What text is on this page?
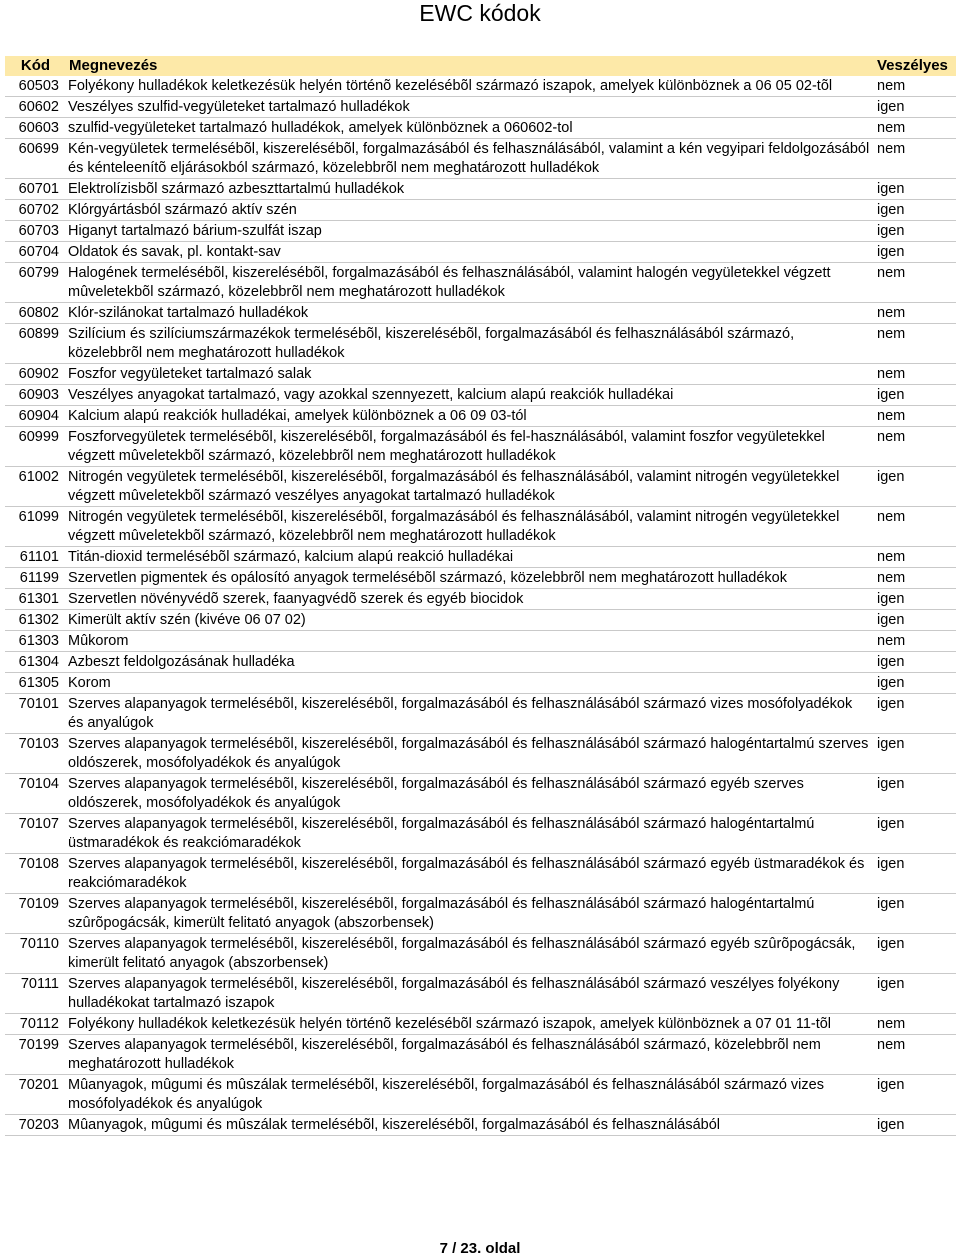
EWC kódok
Kód	Megnevezés	Veszélyes
60503	Folyékony hulladékok keletkezésük helyén történõ kezelésébõl származó iszapok, amelyek különböznek a 06 05 02-tõl	nem
60602	Veszélyes szulfid-vegyületeket tartalmazó hulladékok	igen
60603	szulfid-vegyületeket tartalmazó hulladékok, amelyek különböznek a 060602-tol	nem
60699	Kén-vegyületek termelésébõl, kiszerelésébõl, forgalmazásából és felhasználásából, valamint a kén vegyipari feldolgozásából és kénteleenítõ eljárásokból származó, közelebbrõl nem meghatározott hulladékok	nem
60701	Elektrolízisbõl származó azbeszttartalmú hulladékok	igen
60702	Klórgyártásból származó aktív szén	igen
60703	Higanyt tartalmazó bárium-szulfát iszap	igen
60704	Oldatok és savak, pl. kontakt-sav	igen
60799	Halogének termelésébõl, kiszerelésébõl, forgalmazásából és felhasználásából, valamint halogén vegyületekkel végzett mûveletekbõl származó, közelebbrõl nem meghatározott hulladékok	nem
60802	Klór-szilánokat tartalmazó hulladékok	nem
60899	Szilícium és szilíciumszármazékok termelésébõl, kiszerelésébõl, forgalmazásából és felhasználásából származó, közelebbrõl nem meghatározott hulladékok	nem
60902	Foszfor vegyületeket tartalmazó salak	nem
60903	Veszélyes anyagokat tartalmazó, vagy azokkal szennyezett, kalcium alapú reakciók hulladékai	igen
60904	Kalcium alapú reakciók hulladékai, amelyek különböznek a 06 09 03-tól	nem
60999	Foszforvegyületek termelésébõl, kiszerelésébõl, forgalmazásából és fel-használásából, valamint foszfor vegyületekkel végzett mûveletekbõl származó, közelebbrõl nem meghatározott hulladékok	nem
61002	Nitrogén vegyületek termelésébõl, kiszerelésébõl, forgalmazásából és felhasználásából, valamint nitrogén vegyületekkel végzett mûveletekbõl származó veszélyes anyagokat tartalmazó hulladékok	igen
61099	Nitrogén vegyületek termelésébõl, kiszerelésébõl, forgalmazásából és felhasználásából, valamint nitrogén vegyületekkel végzett mûveletekbõl származó, közelebbrõl nem meghatározott hulladékok	nem
61101	Titán-dioxid termelésébõl származó, kalcium alapú reakció hulladékai	nem
61199	Szervetlen pigmentek és opálosító anyagok termelésébõl származó, közelebbrõl nem meghatározott hulladékok	nem
61301	Szervetlen növényvédõ szerek, faanyagvédõ szerek és egyéb biocidok	igen
61302	Kimerült aktív szén (kivéve 06 07 02)	igen
61303	Mûkorom	nem
61304	Azbeszt feldolgozásának hulladéka	igen
61305	Korom	igen
70101	Szerves alapanyagok termelésébõl, kiszerelésébõl, forgalmazásából és felhasználásából származó vizes mosófolyadékok és anyalúgok	igen
70103	Szerves alapanyagok termelésébõl, kiszerelésébõl, forgalmazásából és felhasználásából származó halogéntartalmú szerves oldószerek, mosófolyadékok és anyalúgok	igen
70104	Szerves alapanyagok termelésébõl, kiszerelésébõl, forgalmazásából és felhasználásából származó egyéb szerves oldószerek, mosófolyadékok és anyalúgok	igen
70107	Szerves alapanyagok termelésébõl, kiszerelésébõl, forgalmazásából és felhasználásából származó halogéntartalmú üstmaradékok és reakciómaradékok	igen
70108	Szerves alapanyagok termelésébõl, kiszerelésébõl, forgalmazásából és felhasználásából származó egyéb üstmaradékok és reakciómaradékok	igen
70109	Szerves alapanyagok termelésébõl, kiszerelésébõl, forgalmazásából és felhasználásából származó halogéntartalmú szûrõpogácsák, kimerült felitató anyagok (abszorbensek)	igen
70110	Szerves alapanyagok termelésébõl, kiszerelésébõl, forgalmazásából és felhasználásából származó egyéb szûrõpogácsák, kimerült felitató anyagok (abszorbensek)	igen
70111	Szerves alapanyagok termelésébõl, kiszerelésébõl, forgalmazásából és felhasználásából származó veszélyes folyékony hulladékokat tartalmazó iszapok	igen
70112	Folyékony hulladékok keletkezésük helyén történõ kezelésébõl származó iszapok, amelyek különböznek a 07 01 11-tõl	nem
70199	Szerves alapanyagok termelésébõl, kiszerelésébõl, forgalmazásából és felhasználásából származó, közelebbrõl nem meghatározott hulladékok	nem
70201	Mûanyagok, mûgumi és mûszálak termelésébõl, kiszerelésébõl, forgalmazásából és felhasználásából származó vizes mosófolyadékok és anyalúgok	igen
70203	Mûanyagok, mûgumi és mûszálak termelésébõl, kiszerelésébõl, forgalmazásából és felhasználásából	igen
7 / 23. oldal
